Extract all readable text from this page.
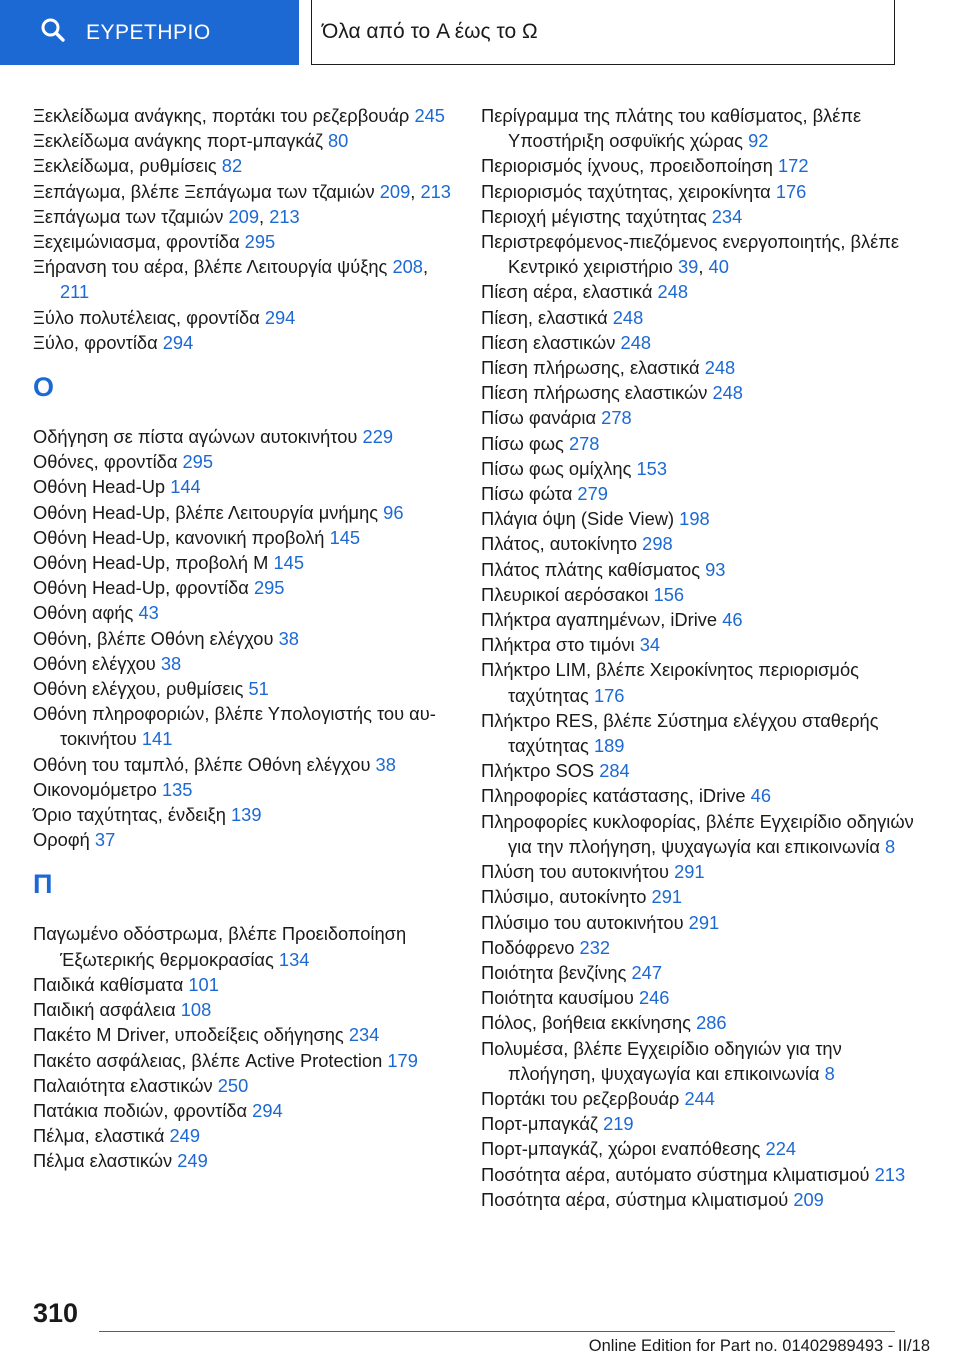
ΕΥΡΕΤΗΡΙΟ	Όλα από το A έως το Ω
Ξεκλείδωμα ανάγκης, πορτάκι του ρεζερβουάρ 245
Ξεκλείδωμα ανάγκης πορτ-μπαγκάζ 80
Ξεκλείδωμα, ρυθμίσεις 82
Ξεπάγωμα, βλέπε Ξεπάγωμα των τζαμιών 209, 213
Ξεπάγωμα των τζαμιών 209, 213
Ξεχειμώνιασμα, φροντίδα 295
Ξήρανση του αέρα, βλέπε Λειτουργία ψύξης 208, 211
Ξύλο πολυτέλειας, φροντίδα 294
Ξύλο, φροντίδα 294
Ο
Οδήγηση σε πίστα αγώνων αυτοκινήτου 229
Οθόνες, φροντίδα 295
Οθόνη Head-Up 144
Οθόνη Head-Up, βλέπε Λειτουργία μνήμης 96
Οθόνη Head-Up, κανονική προβολή 145
Οθόνη Head-Up, προβολή M 145
Οθόνη Head-Up, φροντίδα 295
Οθόνη αφής 43
Οθόνη, βλέπε Οθόνη ελέγχου 38
Οθόνη ελέγχου 38
Οθόνη ελέγχου, ρυθμίσεις 51
Οθόνη πληροφοριών, βλέπε Υπολογιστής του αυτοκινήτου 141
Οθόνη του ταμπλό, βλέπε Οθόνη ελέγχου 38
Οικονομόμετρο 135
Όριο ταχύτητας, ένδειξη 139
Οροφή 37
Π
Παγωμένο οδόστρωμα, βλέπε Προειδοποίηση Έξωτερικής θερμοκρασίας 134
Παιδικά καθίσματα 101
Παιδική ασφάλεια 108
Πακέτο M Driver, υποδείξεις οδήγησης 234
Πακέτο ασφάλειας, βλέπε Active Protection 179
Παλαιότητα ελαστικών 250
Πατάκια ποδιών, φροντίδα 294
Πέλμα, ελαστικά 249
Πέλμα ελαστικών 249
Περίγραμμα της πλάτης του καθίσματος, βλέπε Υποστήριξη οσφυϊκής χώρας 92
Περιορισμός ίχνους, προειδοποίηση 172
Περιορισμός ταχύτητας, χειροκίνητα 176
Περιοχή μέγιστης ταχύτητας 234
Περιστρεφόμενος-πιεζόμενος ενεργοποιητής, βλέπε Κεντρικό χειριστήριο 39, 40
Πίεση αέρα, ελαστικά 248
Πίεση, ελαστικά 248
Πίεση ελαστικών 248
Πίεση πλήρωσης, ελαστικά 248
Πίεση πλήρωσης ελαστικών 248
Πίσω φανάρια 278
Πίσω φως 278
Πίσω φως ομίχλης 153
Πίσω φώτα 279
Πλάγια όψη (Side View) 198
Πλάτος, αυτοκίνητο 298
Πλάτος πλάτης καθίσματος 93
Πλευρικοί αερόσακοι 156
Πλήκτρα αγαπημένων, iDrive 46
Πλήκτρα στο τιμόνι 34
Πλήκτρο LIM, βλέπε Χειροκίνητος περιορισμός ταχύτητας 176
Πλήκτρο RES, βλέπε Σύστημα ελέγχου σταθερής ταχύτητας 189
Πλήκτρο SOS 284
Πληροφορίες κατάστασης, iDrive 46
Πληροφορίες κυκλοφορίας, βλέπε Εγχειρίδιο οδηγιών για την πλοήγηση, ψυχαγωγία και επικοινωνία 8
Πλύση του αυτοκινήτου 291
Πλύσιμο, αυτοκίνητο 291
Πλύσιμο του αυτοκινήτου 291
Ποδόφρενο 232
Ποιότητα βενζίνης 247
Ποιότητα καυσίμου 246
Πόλος, βοήθεια εκκίνησης 286
Πολυμέσα, βλέπε Εγχειρίδιο οδηγιών για την πλοήγηση, ψυχαγωγία και επικοινωνία 8
Πορτάκι του ρεζερβουάρ 244
Πορτ-μπαγκάζ 219
Πορτ-μπαγκάζ, χώροι εναπόθεσης 224
Ποσότητα αέρα, αυτόματο σύστημα κλιματισμού 213
Ποσότητα αέρα, σύστημα κλιματισμού 209
310
Online Edition for Part no. 01402989493 - II/18
